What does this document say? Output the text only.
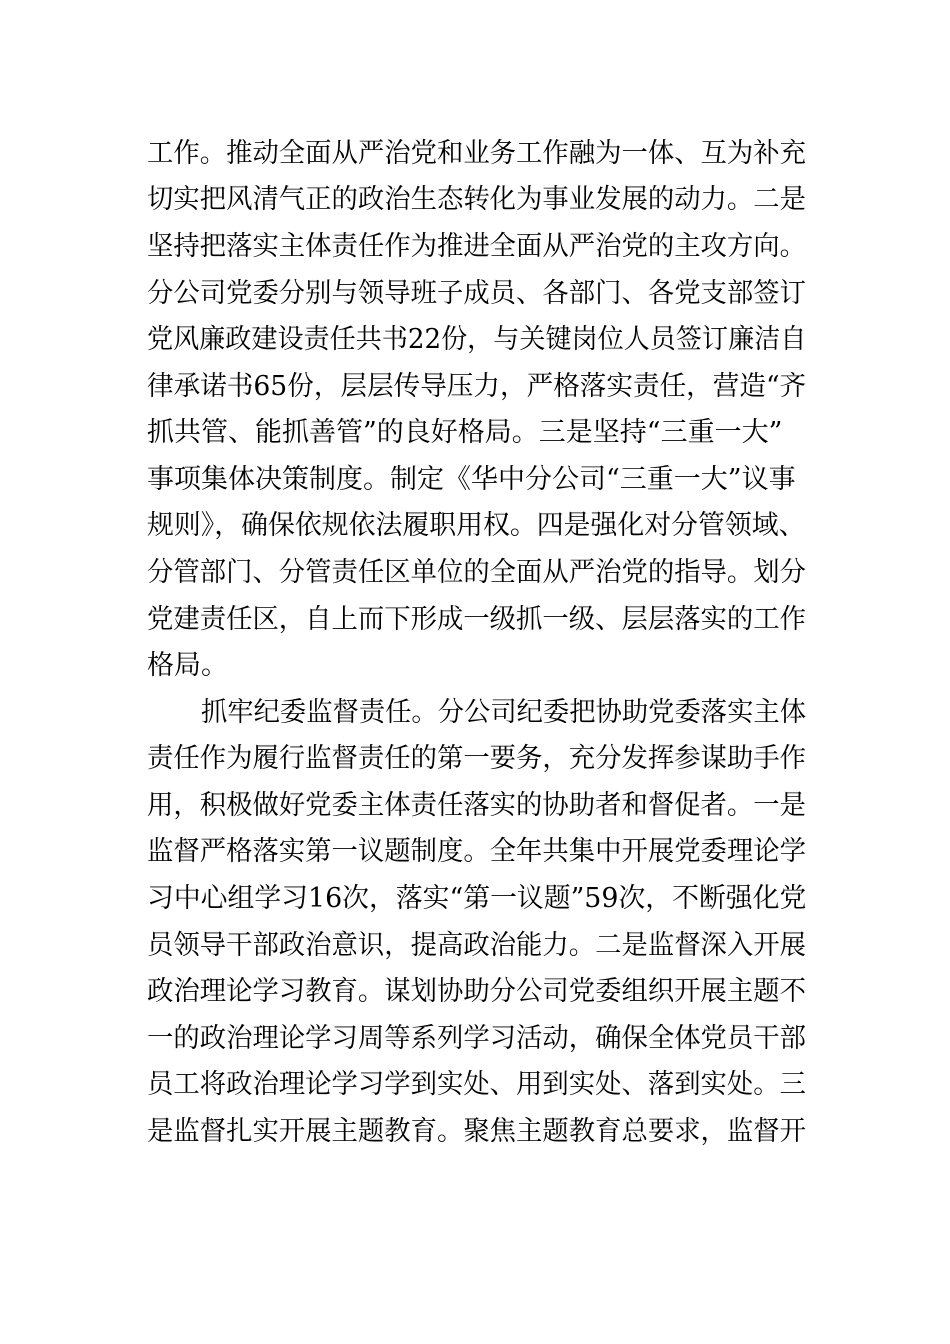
工作。推动全面从严治党和业务工作融为一体、互为补充
切实把风清气正的政治生态转化为事业发展的动力。二是
坚持把落实主体责任作为推进全面从严治党的主攻方向。
分公司党委分别与领导班子成员、各部门、各党支部签订
党风廉政建设责任共书22份，与关键岗位人员签订廉洁自
律承诺书65份，层层传导压力，严格落实责任，营造“齐
抓共管、能抓善管”的良好格局。三是坚持“三重一大”
事项集体决策制度。制定《华中分公司“三重一大”议事
规则》，确保依规依法履职用权。四是强化对分管领域、
分管部门、分管责任区单位的全面从严治党的指导。划分
党建责任区，自上而下形成一级抓一级、层层落实的工作
格局。
抓牢纪委监督责任。分公司纪委把协助党委落实主体
责任作为履行监督责任的第一要务，充分发挥参谋助手作
用，积极做好党委主体责任落实的协助者和督促者。一是
监督严格落实第一议题制度。全年共集中开展党委理论学
习中心组学习16次，落实“第一议题”59次，不断强化党
员领导干部政治意识，提高政治能力。二是监督深入开展
政治理论学习教育。谋划协助分公司党委组织开展主题不
一的政治理论学习周等系列学习活动，确保全体党员干部
员工将政治理论学习学到实处、用到实处、落到实处。三
是监督扎实开展主题教育。聚焦主题教育总要求，监督开
